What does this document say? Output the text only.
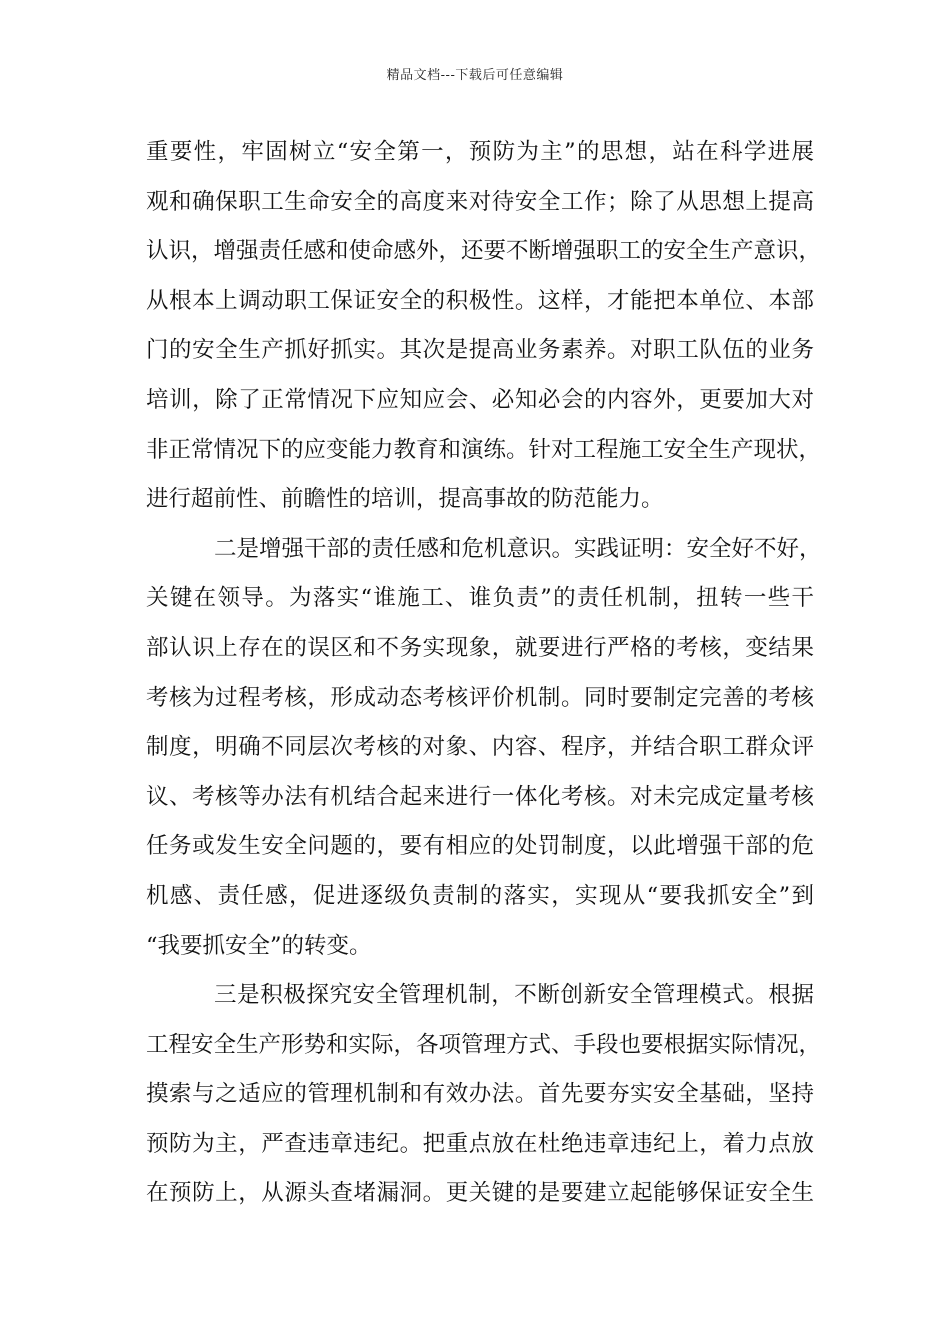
精品文档---下载后可任意编辑
重要性，牢固树立“安全第一，预防为主”的思想，站在科学进展
观和确保职工生命安全的高度来对待安全工作；除了从思想上提高
认识，增强责任感和使命感外，还要不断增强职工的安全生产意识，
从根本上调动职工保证安全的积极性。这样，才能把本单位、本部
门的安全生产抓好抓实。其次是提高业务素养。对职工队伍的业务
培训，除了正常情况下应知应会、必知必会的内容外，更要加大对
非正常情况下的应变能力教育和演练。针对工程施工安全生产现状，
进行超前性、前瞻性的培训，提高事故的防范能力。
二是增强干部的责任感和危机意识。实践证明：安全好不好，
关键在领导。为落实“谁施工、谁负责”的责任机制，扭转一些干
部认识上存在的误区和不务实现象，就要进行严格的考核，变结果
考核为过程考核，形成动态考核评价机制。同时要制定完善的考核
制度，明确不同层次考核的对象、内容、程序，并结合职工群众评
议、考核等办法有机结合起来进行一体化考核。对未完成定量考核
任务或发生安全问题的，要有相应的处罚制度，以此增强干部的危
机感、责任感，促进逐级负责制的落实，实现从“要我抓安全”到
“我要抓安全”的转变。
三是积极探究安全管理机制，不断创新安全管理模式。根据
工程安全生产形势和实际，各项管理方式、手段也要根据实际情况，
摸索与之适应的管理机制和有效办法。首先要夯实安全基础，坚持
预防为主，严查违章违纪。把重点放在杜绝违章违纪上，着力点放
在预防上，从源头查堵漏洞。更关键的是要建立起能够保证安全生
